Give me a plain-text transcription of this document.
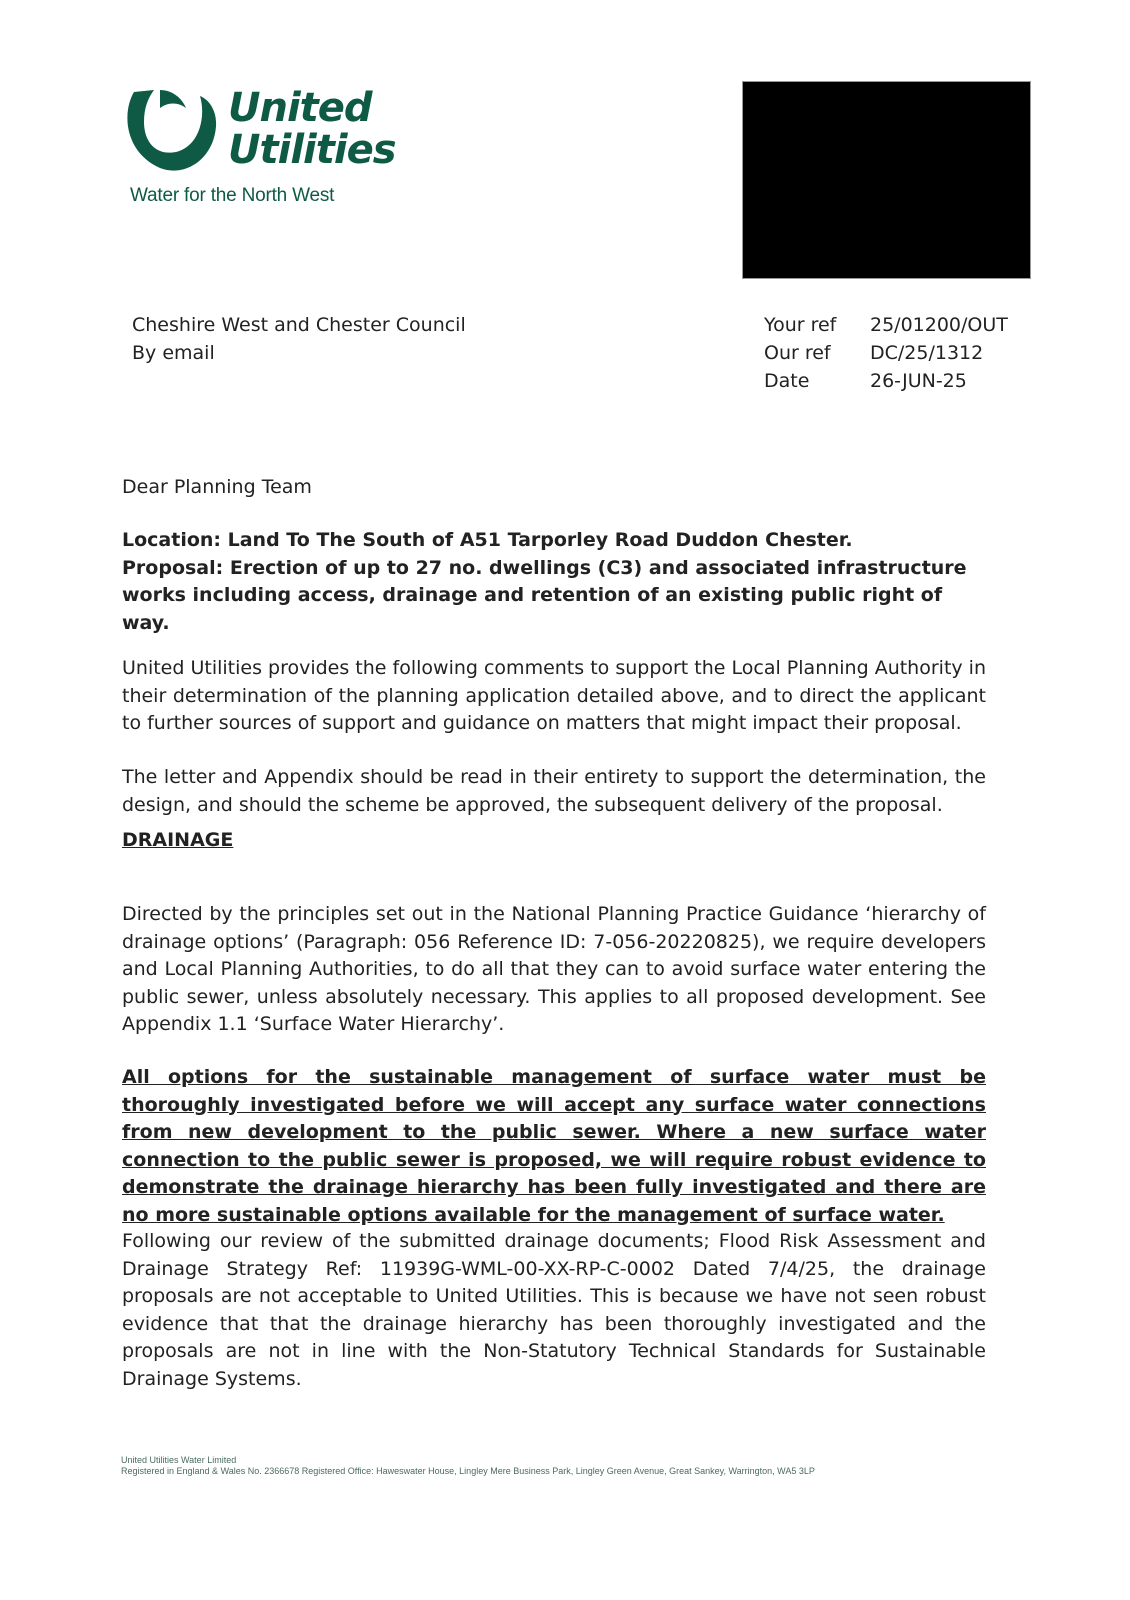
United
Utilities
Water for the North West
Cheshire West and Chester Council
By email
Your ref	25/01200/OUT
Our ref	DC/25/1312
Date	26-JUN-25
Dear Planning Team

Location: Land To The South of A51 Tarporley Road Duddon Chester.

Proposal: Erection of up to 27 no. dwellings (C3) and associated infrastructure works including access, drainage and retention of an existing public right of way.

United Utilities provides the following comments to support the Local Planning Authority in their determination of the planning application detailed above, and to direct the applicant to further sources of support and guidance on matters that might impact their proposal.

The letter and Appendix should be read in their entirety to support the determination, the design, and should the scheme be approved, the subsequent delivery of the proposal.

DRAINAGE

Directed by the principles set out in the National Planning Practice Guidance ‘hierarchy of drainage options’ (Paragraph: 056 Reference ID: 7-056-20220825), we require developers and Local Planning Authorities, to do all that they can to avoid surface water entering the public sewer, unless absolutely necessary. This applies to all proposed development. See Appendix 1.1 ‘Surface Water Hierarchy’.

All options for the sustainable management of surface water must be thoroughly investigated before we will accept any surface water connections from new development to the public sewer. Where a new surface water connection to the public sewer is proposed, we will require robust evidence to demonstrate the drainage hierarchy has been fully investigated and there are no more sustainable options available for the management of surface water.

Following our review of the submitted drainage documents; Flood Risk Assessment and Drainage Strategy Ref: 11939G-WML-00-XX-RP-C-0002 Dated 7/4/25, the drainage proposals are not acceptable to United Utilities. This is because we have not seen robust evidence that that the drainage hierarchy has been thoroughly investigated and the proposals are not in line with the Non-Statutory Technical Standards for Sustainable Drainage Systems.

United Utilities Water Limited
Registered in England & Wales No. 2366678 Registered Office: Haweswater House, Lingley Mere Business Park, Lingley Green Avenue, Great Sankey, Warrington, WA5 3LP
